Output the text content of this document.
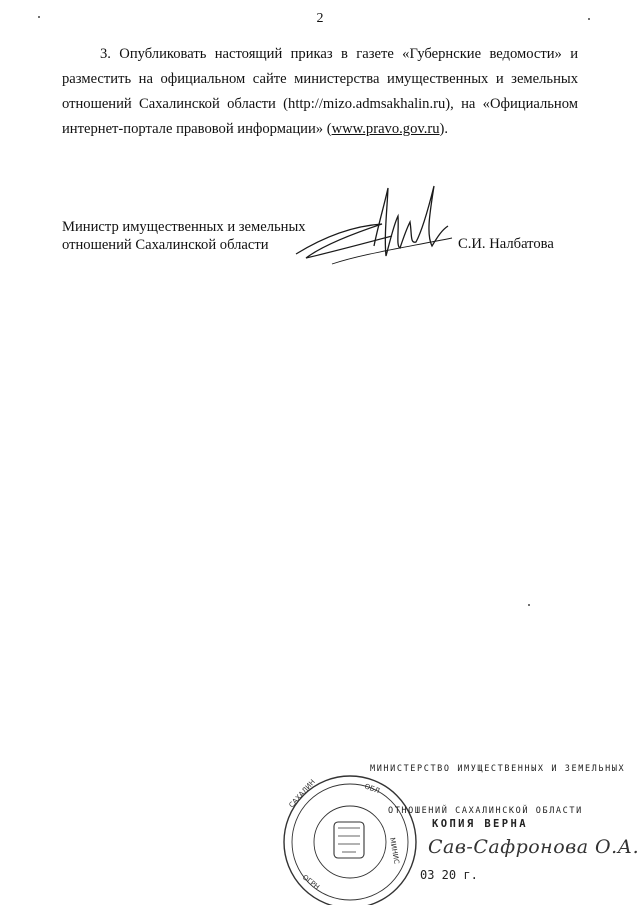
2

3. Опубликовать настоящий приказ в газете «Губернские ведомости» и разместить на официальном сайте министерства имущественных и земельных отношений Сахалинской области (http://mizo.admsakhalin.ru), на «Официальном интернет-портале правовой информации» (www.pravo.gov.ru).

Министр имущественных и земельных
отношений Сахалинской области	С.И. Налбатова
САХАЛИН	ОБЛ
МИНИС
ОГРН
МИНИСТЕРСТВО ИМУЩЕСТВЕННЫХ И ЗЕМЕЛЬНЫХ
ОТНОШЕНИЙ САХАЛИНСКОЙ ОБЛАСТИ
КОПИЯ ВЕРНА
Сав-Сафронова О.А.
03 20 г.
